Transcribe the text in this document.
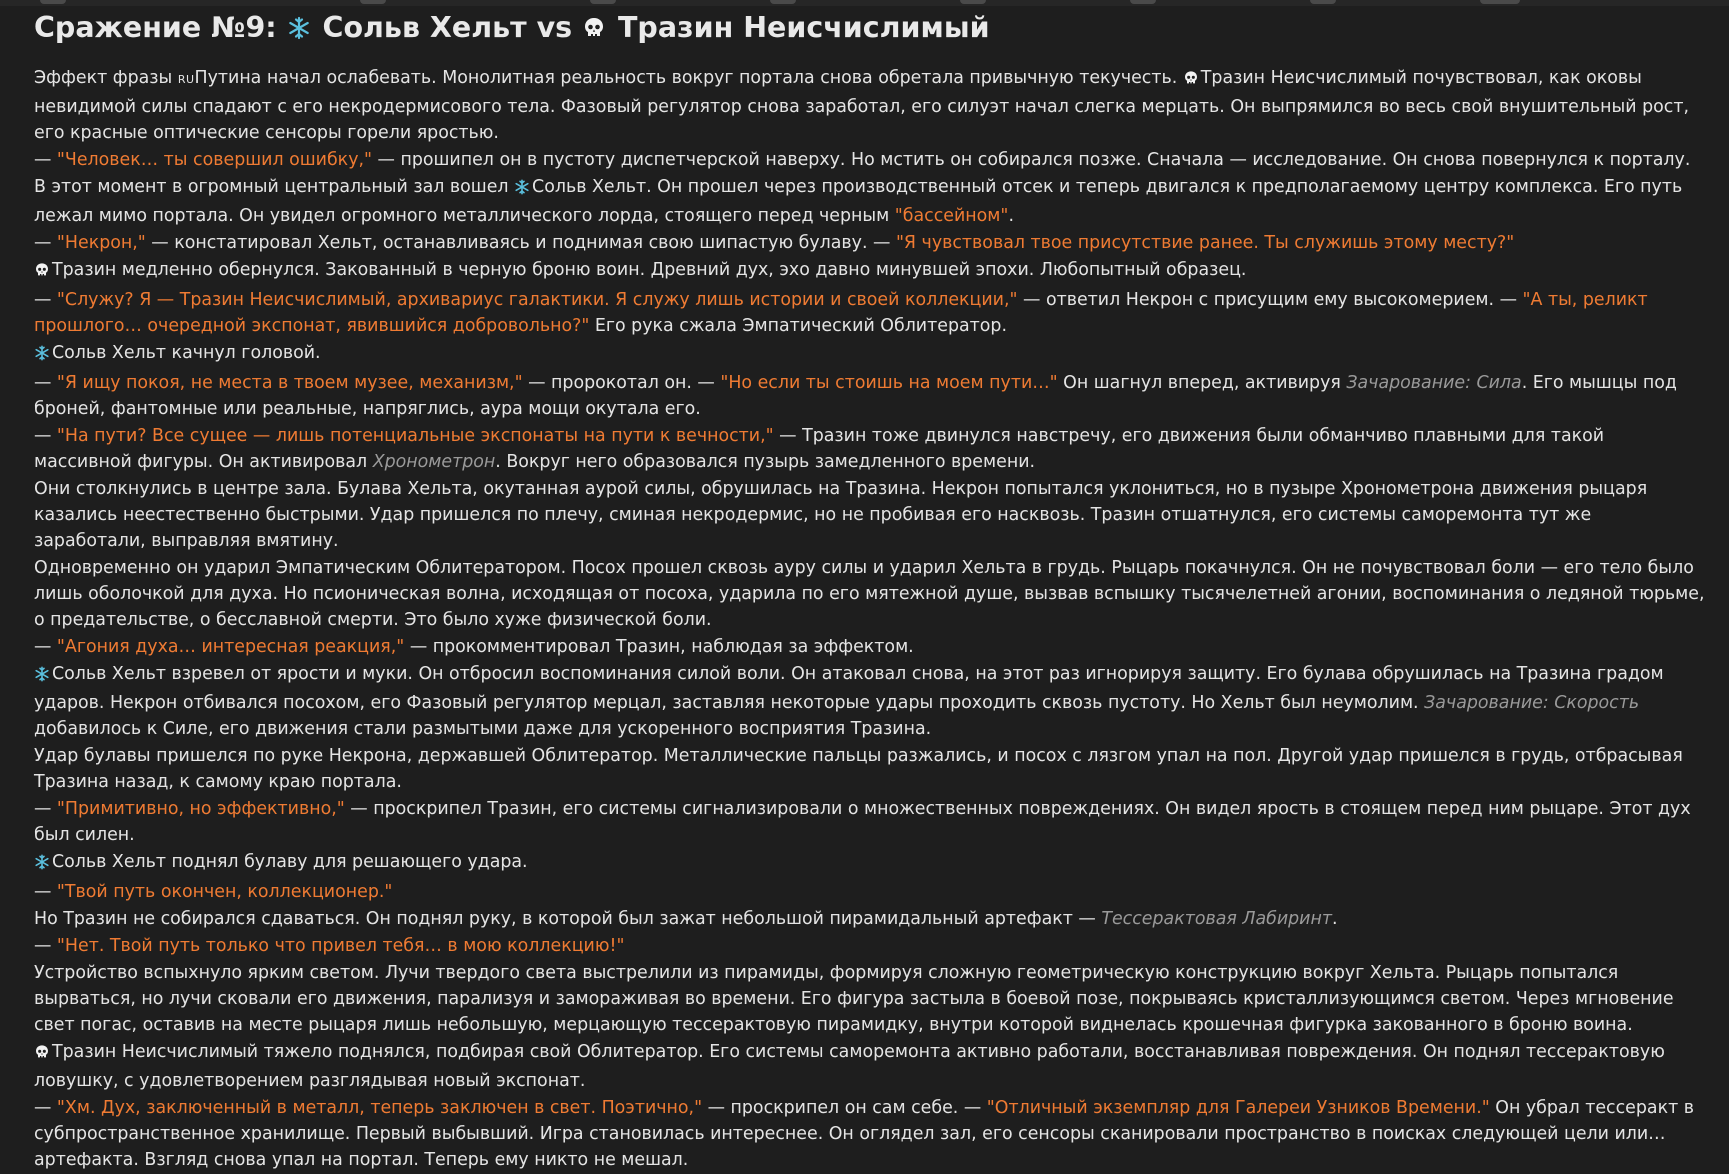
Сражение №9: Сольв Хельт vs Тразин Неисчислимый
Эффект фразы RUПутина начал ослабевать. Монолитная реальность вокруг портала снова обретала привычную текучесть. Тразин Неисчислимый почувствовал, как оковы невидимой силы спадают с его некродермисового тела. Фазовый регулятор снова заработал, его силуэт начал слегка мерцать. Он выпрямился во весь свой внушительный рост, его красные оптические сенсоры горели яростью.
— "Человек… ты совершил ошибку," — прошипел он в пустоту диспетчерской наверху. Но мстить он собирался позже. Сначала — исследование. Он снова повернулся к порталу.
В этот момент в огромный центральный зал вошел Сольв Хельт. Он прошел через производственный отсек и теперь двигался к предполагаемому центру комплекса. Его путь лежал мимо портала. Он увидел огромного металлического лорда, стоящего перед черным "бассейном".
— "Некрон," — констатировал Хельт, останавливаясь и поднимая свою шипастую булаву. — "Я чувствовал твое присутствие ранее. Ты служишь этому месту?"
Тразин медленно обернулся. Закованный в черную броню воин. Древний дух, эхо давно минувшей эпохи. Любопытный образец.
— "Служу? Я — Тразин Неисчислимый, архивариус галактики. Я служу лишь истории и своей коллекции," — ответил Некрон с присущим ему высокомерием. — "А ты, реликт прошлого… очередной экспонат, явившийся добровольно?" Его рука сжала Эмпатический Облитератор.
Сольв Хельт качнул головой.
— "Я ищу покоя, не места в твоем музее, механизм," — пророкотал он. — "Но если ты стоишь на моем пути…" Он шагнул вперед, активируя Зачарование: Сила. Его мышцы под броней, фантомные или реальные, напряглись, аура мощи окутала его.
— "На пути? Все сущее — лишь потенциальные экспонаты на пути к вечности," — Тразин тоже двинулся навстречу, его движения были обманчиво плавными для такой массивной фигуры. Он активировал Хронометрон. Вокруг него образовался пузырь замедленного времени.
Они столкнулись в центре зала. Булава Хельта, окутанная аурой силы, обрушилась на Тразина. Некрон попытался уклониться, но в пузыре Хронометрона движения рыцаря казались неестественно быстрыми. Удар пришелся по плечу, сминая некродермис, но не пробивая его насквозь. Тразин отшатнулся, его системы саморемонта тут же заработали, выправляя вмятину.
Одновременно он ударил Эмпатическим Облитератором. Посох прошел сквозь ауру силы и ударил Хельта в грудь. Рыцарь покачнулся. Он не почувствовал боли — его тело было лишь оболочкой для духа. Но псионическая волна, исходящая от посоха, ударила по его мятежной душе, вызвав вспышку тысячелетней агонии, воспоминания о ледяной тюрьме, о предательстве, о бесславной смерти. Это было хуже физической боли.
— "Агония духа… интересная реакция," — прокомментировал Тразин, наблюдая за эффектом.
Сольв Хельт взревел от ярости и муки. Он отбросил воспоминания силой воли. Он атаковал снова, на этот раз игнорируя защиту. Его булава обрушилась на Тразина градом ударов. Некрон отбивался посохом, его Фазовый регулятор мерцал, заставляя некоторые удары проходить сквозь пустоту. Но Хельт был неумолим. Зачарование: Скорость добавилось к Силе, его движения стали размытыми даже для ускоренного восприятия Тразина.
Удар булавы пришелся по руке Некрона, державшей Облитератор. Металлические пальцы разжались, и посох с лязгом упал на пол. Другой удар пришелся в грудь, отбрасывая Тразина назад, к самому краю портала.
— "Примитивно, но эффективно," — проскрипел Тразин, его системы сигнализировали о множественных повреждениях. Он видел ярость в стоящем перед ним рыцаре. Этот дух был силен.
Сольв Хельт поднял булаву для решающего удара.
— "Твой путь окончен, коллекционер."
Но Тразин не собирался сдаваться. Он поднял руку, в которой был зажат небольшой пирамидальный артефакт — Тессерактовая Лабиринт.
— "Нет. Твой путь только что привел тебя… в мою коллекцию!"
Устройство вспыхнуло ярким светом. Лучи твердого света выстрелили из пирамиды, формируя сложную геометрическую конструкцию вокруг Хельта. Рыцарь попытался вырваться, но лучи сковали его движения, парализуя и замораживая во времени. Его фигура застыла в боевой позе, покрываясь кристаллизующимся светом. Через мгновение свет погас, оставив на месте рыцаря лишь небольшую, мерцающую тессерактовую пирамидку, внутри которой виднелась крошечная фигурка закованного в броню воина.
Тразин Неисчислимый тяжело поднялся, подбирая свой Облитератор. Его системы саморемонта активно работали, восстанавливая повреждения. Он поднял тессерактовую ловушку, с удовлетворением разглядывая новый экспонат.
— "Хм. Дух, заключенный в металл, теперь заключен в свет. Поэтично," — проскрипел он сам себе. — "Отличный экземпляр для Галереи Узников Времени." Он убрал тессеракт в субпространственное хранилище. Первый выбывший. Игра становилась интереснее. Он оглядел зал, его сенсоры сканировали пространство в поисках следующей цели или… артефакта. Взгляд снова упал на портал. Теперь ему никто не мешал.
